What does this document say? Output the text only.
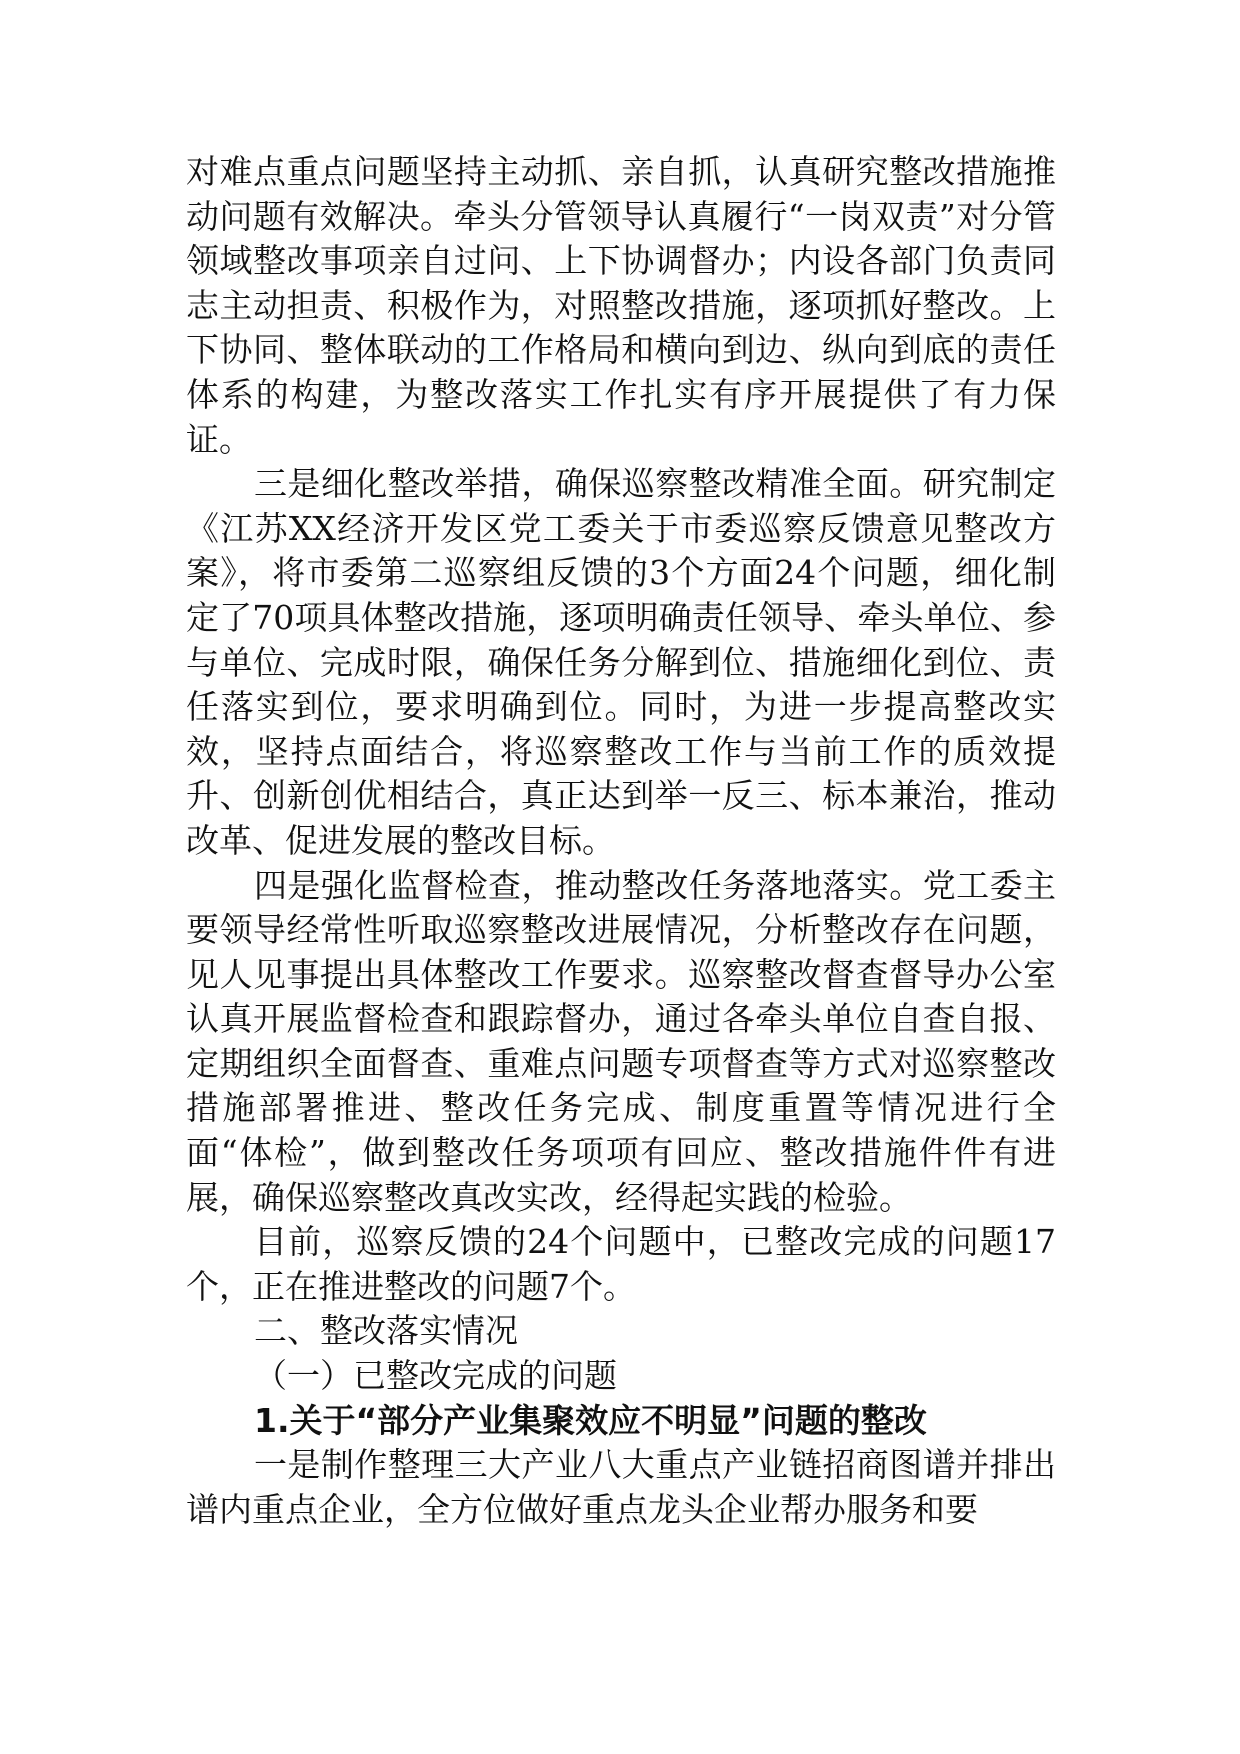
对难点重点问题坚持主动抓、亲自抓，认真研究整改措施推动问题有效解决。牵头分管领导认真履行“一岗双责”对分管领域整改事项亲自过问、上下协调督办；内设各部门负责同志主动担责、积极作为，对照整改措施，逐项抓好整改。上下协同、整体联动的工作格局和横向到边、纵向到底的责任体系的构建，为整改落实工作扎实有序开展提供了有力保证。

三是细化整改举措，确保巡察整改精准全面。研究制定《江苏XX经济开发区党工委关于市委巡察反馈意见整改方案》，将市委第二巡察组反馈的3个方面24个问题，细化制定了70项具体整改措施，逐项明确责任领导、牵头单位、参与单位、完成时限，确保任务分解到位、措施细化到位、责任落实到位，要求明确到位。同时，为进一步提高整改实效，坚持点面结合，将巡察整改工作与当前工作的质效提升、创新创优相结合，真正达到举一反三、标本兼治，推动改革、促进发展的整改目标。

四是强化监督检查，推动整改任务落地落实。党工委主要领导经常性听取巡察整改进展情况，分析整改存在问题，见人见事提出具体整改工作要求。巡察整改督查督导办公室认真开展监督检查和跟踪督办，通过各牵头单位自查自报、定期组织全面督查、重难点问题专项督查等方式对巡察整改措施部署推进、整改任务完成、制度重置等情况进行全面“体检”，做到整改任务项项有回应、整改措施件件有进展，确保巡察整改真改实改，经得起实践的检验。

目前，巡察反馈的24个问题中，已整改完成的问题17个，正在推进整改的问题7个。

二、整改落实情况

（一）已整改完成的问题

1.关于“部分产业集聚效应不明显”问题的整改

一是制作整理三大产业八大重点产业链招商图谱并排出谱内重点企业，全方位做好重点龙头企业帮办服务和要
